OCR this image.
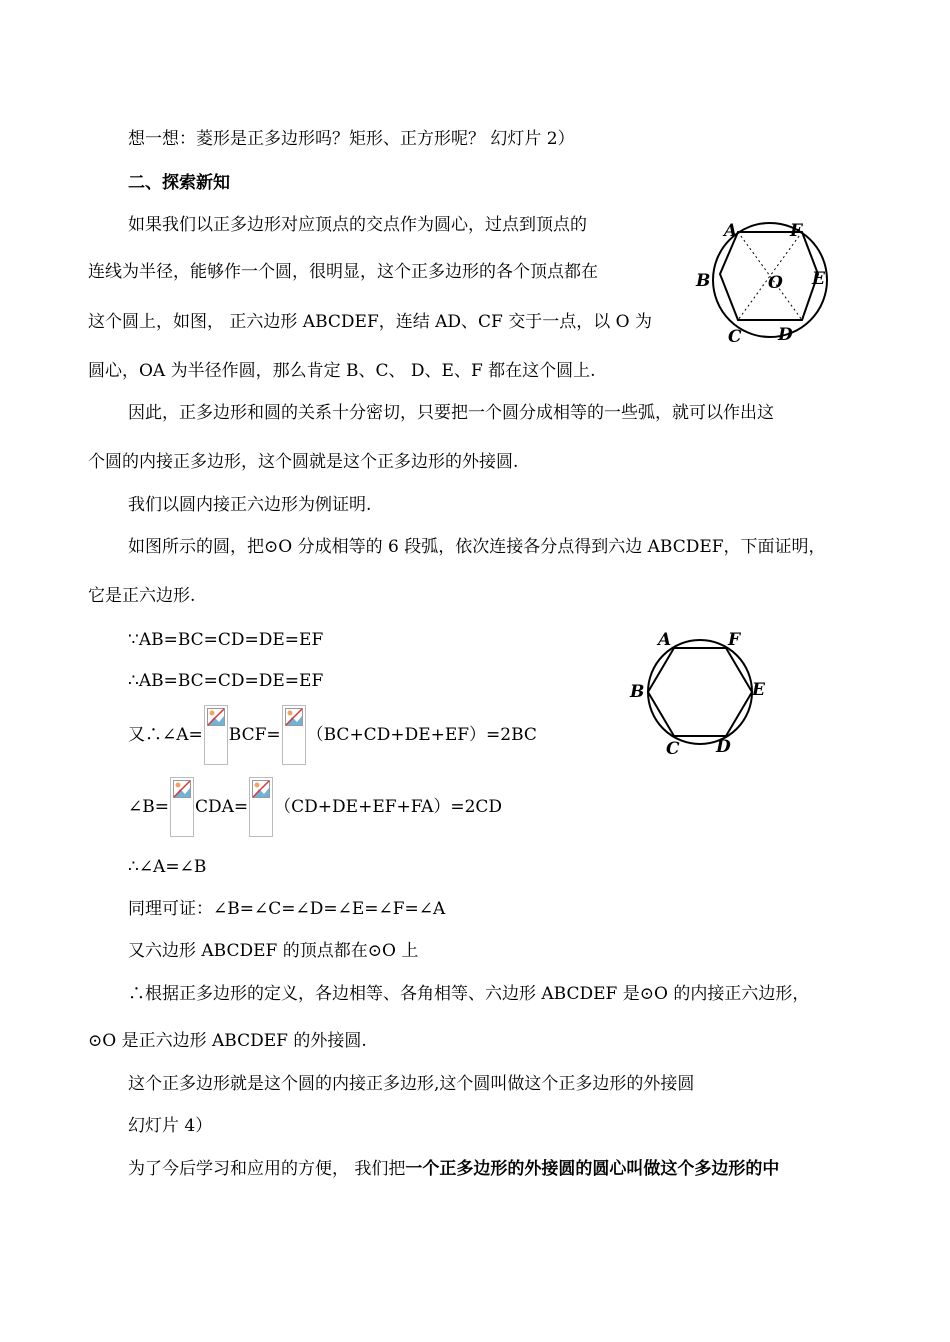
想一想：菱形是正多边形吗？矩形、正方形呢？ 幻灯片 2）
二、探索新知
如果我们以正多边形对应顶点的交点作为圆心，过点到顶点的
连线为半径，能够作一个圆，很明显，这个正多边形的各个顶点都在
这个圆上，如图， 正六边形 ABCDEF，连结 AD、CF 交于一点，以 O 为
圆心，OA 为半径作圆，那么肯定 B、C、 D、E、F 都在这个圆上.
A	F
B	E
C D
O
因此，正多边形和圆的关系十分密切，只要把一个圆分成相等的一些弧，就可以作出这
个圆的内接正多边形，这个圆就是这个正多边形的外接圆.
我们以圆内接正六边形为例证明.
如图所示的圆，把⊙O 分成相等的 6 段弧，依次连接各分点得到六边 ABCDEF，下面证明，
它是正六边形.
A	F
B	E
C D
∵AB=BC=CD=DE=EF
∴AB=BC=CD=DE=EF
又∴∠A= BCF= （BC+CD+DE+EF）=2BC
∠B= CDA= （CD+DE+EF+FA）=2CD
∴∠A=∠B
同理可证：∠B=∠C=∠D=∠E=∠F=∠A
又六边形 ABCDEF 的顶点都在⊙O 上
∴根据正多边形的定义，各边相等、各角相等、六边形 ABCDEF 是⊙O 的内接正六边形，
⊙O 是正六边形 ABCDEF 的外接圆.
这个正多边形就是这个圆的内接正多边形,这个圆叫做这个正多边形的外接圆
幻灯片 4）
为了今后学习和应用的方便， 我们把一个正多边形的外接圆的圆心叫做这个多边形的中
